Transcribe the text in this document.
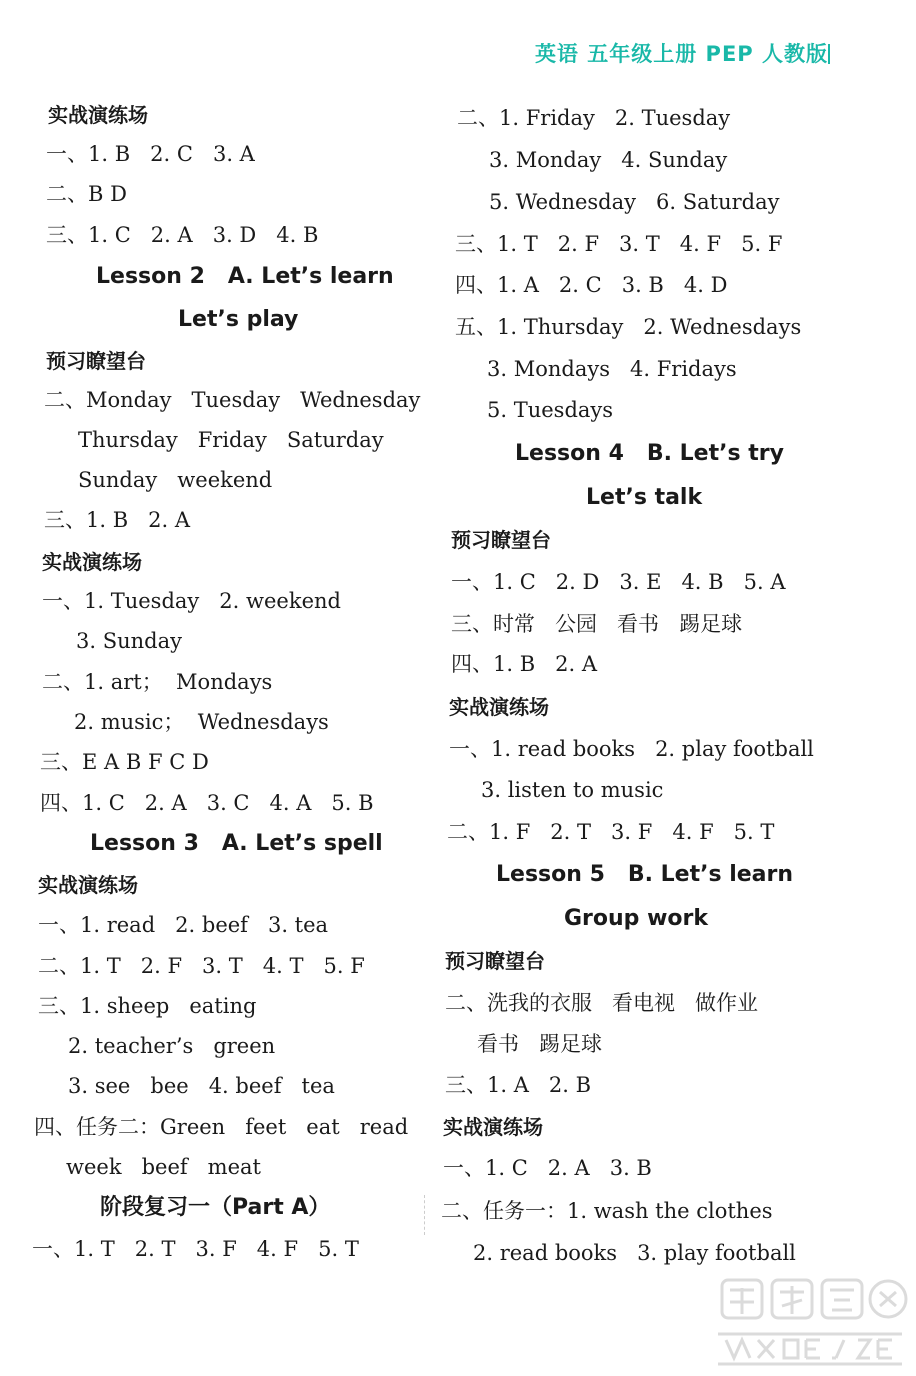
英语 五年级上册 PEP 人教版
实战演练场
一、1. B   2. C   3. A
二、B D
三、1. C   2. A   3. D   4. B
Lesson 2   A. Let’s learn
Let’s play
预习瞭望台
二、Monday   Tuesday   Wednesday
Thursday   Friday   Saturday
Sunday   weekend
三、1. B   2. A
实战演练场
一、1. Tuesday   2. weekend
3. Sunday
二、1. art；  Mondays
2. music；  Wednesdays
三、E A B F C D
四、1. C   2. A   3. C   4. A   5. B
Lesson 3   A. Let’s spell
实战演练场
一、1. read   2. beef   3. tea
二、1. T   2. F   3. T   4. T   5. F
三、1. sheep   eating
2. teacher’s   green
3. see   bee   4. beef   tea
四、任务二：Green   feet   eat   read
week   beef   meat
阶段复习一（Part A）
一、1. T   2. T   3. F   4. F   5. T
二、1. Friday   2. Tuesday
3. Monday   4. Sunday
5. Wednesday   6. Saturday
三、1. T   2. F   3. T   4. F   5. F
四、1. A   2. C   3. B   4. D
五、1. Thursday   2. Wednesdays
3. Mondays   4. Fridays
5. Tuesdays
Lesson 4   B. Let’s try
Let’s talk
预习瞭望台
一、1. C   2. D   3. E   4. B   5. A
三、时常   公园   看书   踢足球
四、1. B   2. A
实战演练场
一、1. read books   2. play football
3. listen to music
二、1. F   2. T   3. F   4. F   5. T
Lesson 5   B. Let’s learn
Group work
预习瞭望台
二、洗我的衣服   看电视   做作业
看书   踢足球
三、1. A   2. B
实战演练场
一、1. C   2. A   3. B
二、任务一：1. wash the clothes
2. read books   3. play football
